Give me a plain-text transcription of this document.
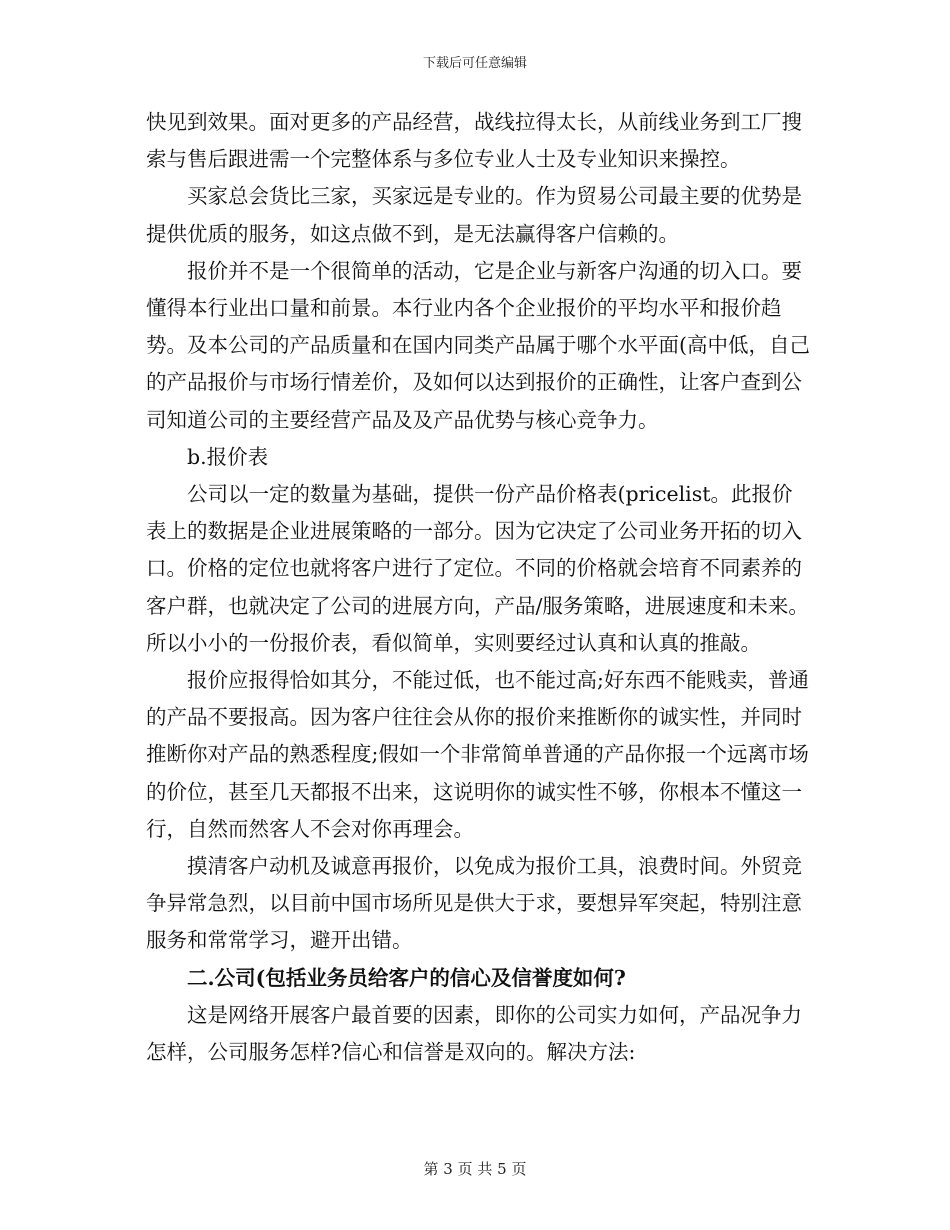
下载后可任意编辑

快见到效果。面对更多的产品经营，战线拉得太长，从前线业务到工厂搜索与售后跟进需一个完整体系与多位专业人士及专业知识来操控。

买家总会货比三家，买家远是专业的。作为贸易公司最主要的优势是提供优质的服务，如这点做不到，是无法赢得客户信赖的。

报价并不是一个很简单的活动，它是企业与新客户沟通的切入口。要懂得本行业出口量和前景。本行业内各个企业报价的平均水平和报价趋势。及本公司的产品质量和在国内同类产品属于哪个水平面(高中低，自己的产品报价与市场行情差价，及如何以达到报价的正确性，让客户查到公司知道公司的主要经营产品及及产品优势与核心竞争力。

b.报价表

公司以一定的数量为基础，提供一份产品价格表(pricelist。此报价表上的数据是企业进展策略的一部分。因为它决定了公司业务开拓的切入口。价格的定位也就将客户进行了定位。不同的价格就会培育不同素养的客户群，也就决定了公司的进展方向，产品/服务策略，进展速度和未来。所以小小的一份报价表，看似简单，实则要经过认真和认真的推敲。

报价应报得恰如其分，不能过低，也不能过高;好东西不能贱卖，普通的产品不要报高。因为客户往往会从你的报价来推断你的诚实性，并同时推断你对产品的熟悉程度;假如一个非常简单普通的产品你报一个远离市场的价位，甚至几天都报不出来，这说明你的诚实性不够，你根本不懂这一行，自然而然客人不会对你再理会。

摸清客户动机及诚意再报价，以免成为报价工具，浪费时间。外贸竞争异常急烈，以目前中国市场所见是供大于求，要想异军突起，特别注意服务和常常学习，避开出错。

二.公司(包括业务员给客户的信心及信誉度如何?

这是网络开展客户最首要的因素，即你的公司实力如何，产品况争力怎样，公司服务怎样?信心和信誉是双向的。解决方法:

第 3 页 共 5 页
